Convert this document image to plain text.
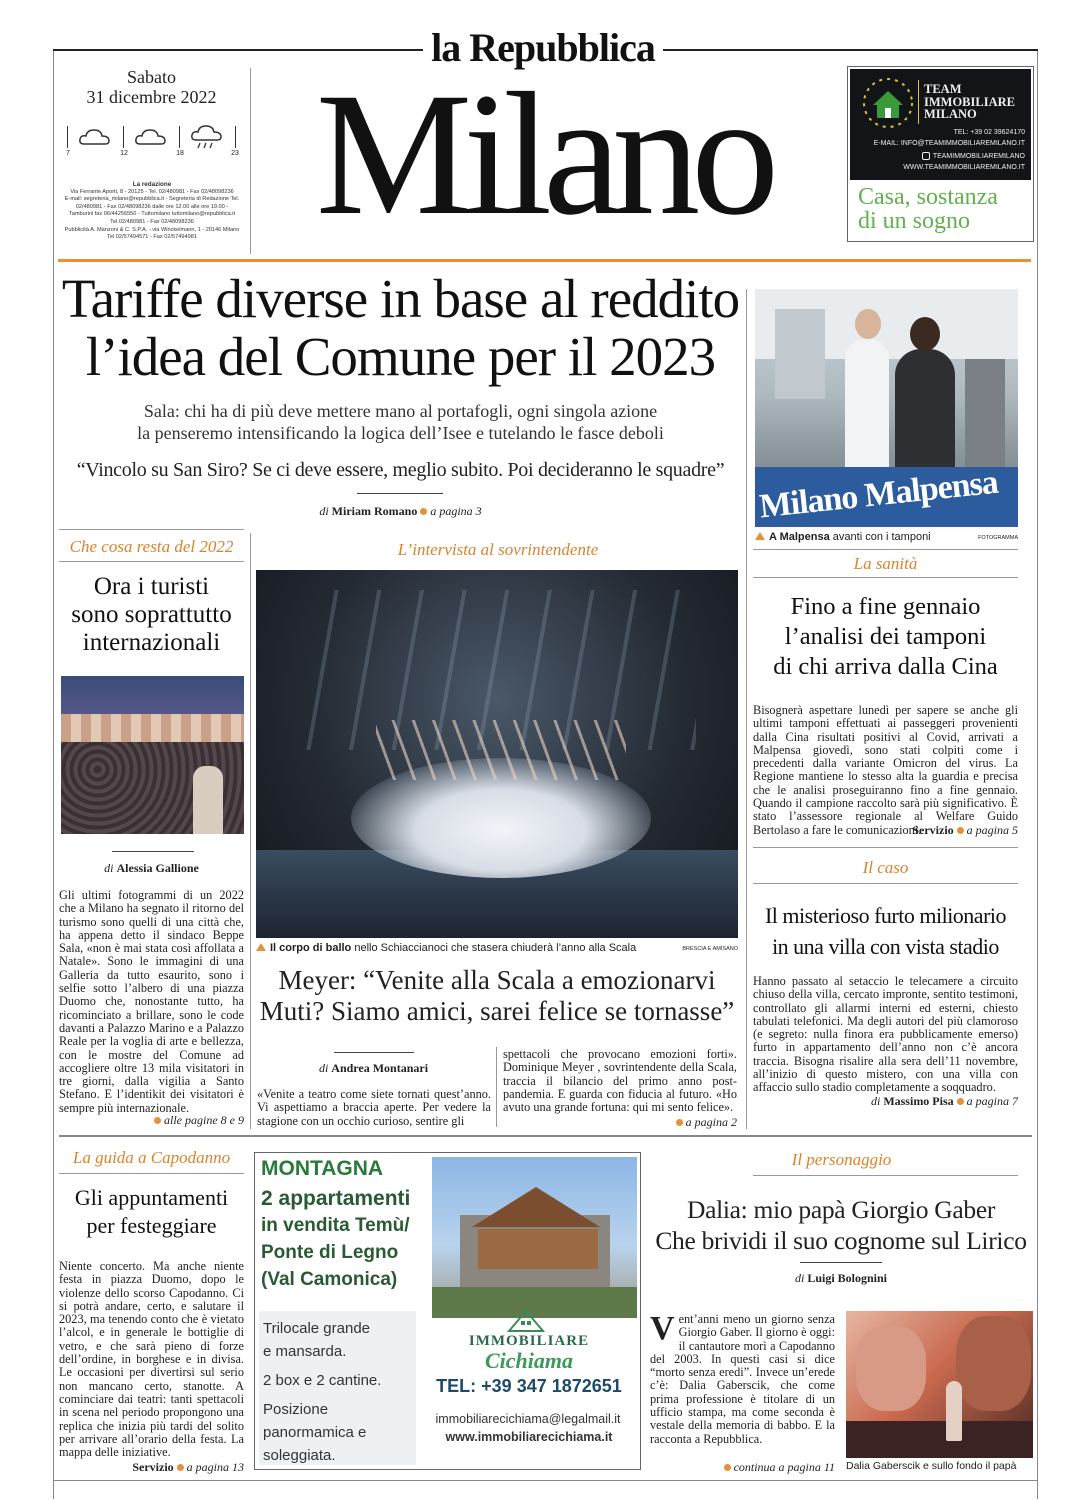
la Repubblica
Sabato
31 dicembre 2022
7	12	18	23
La redazione
Via Ferrante Aporti, 8 - 20125 - Tel. 02/480981 - Fax 02/48098236
E-mail: segreteria_milano@repubblica.it - Segreteria di Redazione Tel.
02/480981 - Fax 02/48098236 dalle ore 12.00 alle ore 19.00 -
Tamburini fax 06/44256550 - Tuttomilano tuttomilano@repubblica.it
Tel.02/480981 - Fax 02/48098236
Pubblicità A. Manzoni & C. S.P.A. - via Winckelmann, 1 - 20146 Milano
Tel 02/57494571 - Fax 02/57494981 Milano	TEAM
IMMOBILIARE
MILANO
TEL: +39 02 39624170
E-MAIL: INFO@TEAMIMMOBILIAREMILANO.IT
TEAMIMMOBILIAREMILANO
WWW.TEAMIMMOBILIAREMILANO.IT
Casa, sostanza
di un sogno
Tariffe diverse in base al reddito
l’idea del Comune per il 2023
Sala: chi ha di più deve mettere mano al portafogli, ogni singola azione
la penseremo intensificando la logica dell’Isee e tutelando le fasce deboli
“Vincolo su San Siro? Se ci deve essere, meglio subito. Poi decideranno le squadre”
di Miriam Romano a pagina 3	Milano Malpensa
A Malpensa avanti con i tamponi	FOTOGRAMMA
Che cosa resta del 2022
Ora i turisti
sono soprattutto
internazionali
di Alessia Gallione
Gli ultimi fotogrammi di un 2022 che a Milano ha segnato il ritorno del turismo sono quelli di una città che, ha appena detto il sindaco Beppe Sala, «non è mai stata così affollata a Natale». Sono le immagini di una Galleria da tutto esaurito, sono i selfie sotto l’albero di una piazza Duomo che, nonostante tutto, ha ricominciato a brillare, sono le code davanti a Palazzo Marino e a Palazzo Reale per la voglia di arte e bellezza, con le mostre del Comune ad accogliere oltre 13 mila visitatori in tre giorni, dalla vigilia a Santo Stefano. E l’identikit dei visitatori è sempre più internazionale.
alle pagine 8 e 9
L’intervista al sovrintendente
Il corpo di ballo nello Schiaccianoci che stasera chiuderà l’anno alla Scala	BRESCIA E AMISANO
Meyer: “Venite alla Scala a emozionarvi
Muti? Siamo amici, sarei felice se tornasse”
di Andrea Montanari
«Venite a teatro come siete tornati quest’anno. Vi aspettiamo a braccia aperte. Per vedere la stagione con un occhio curioso, sentire gli
spettacoli che provocano emozioni forti». Dominique Meyer , sovrintendente della Scala, traccia il bilancio del primo anno post-pandemia. E guarda con fiducia al futuro. «Ho avuto una grande fortuna: qui mi sento felice».
a pagina 2
La sanità
Fino a fine gennaio
l’analisi dei tamponi
di chi arriva dalla Cina
Bisognerà aspettare lunedì per sapere se anche gli ultimi tamponi effettuati ai passeggeri provenienti dalla Cina risultati positivi al Covid, arrivati a Malpensa giovedì, sono stati colpiti come i precedenti dalla variante Omicron del virus. La Regione mantiene lo stesso alta la guardia e precisa che le analisi proseguiranno fino a fine gennaio. Quando il campione raccolto sarà più significativo. È stato l’assessore regionale al Welfare Guido Bertolaso a fare le comunicazioni.
Servizio a pagina 5
Il caso
Il misterioso furto milionario
in una villa con vista stadio
Hanno passato al setaccio le telecamere a circuito chiuso della villa, cercato impronte, sentito testimoni, controllato gli allarmi interni ed esterni, chiesto tabulati telefonici. Ma degli autori del più clamoroso (e segreto: nulla finora era pubblicamente emerso) furto in appartamento dell’anno non c’è ancora traccia. Bisogna risalire alla sera dell’11 novembre, all’inizio di questo mistero, con una villa con affaccio sullo stadio completamente a soqquadro.
di Massimo Pisa a pagina 7
La guida a Capodanno
Gli appuntamenti
per festeggiare
Niente concerto. Ma anche niente festa in piazza Duomo, dopo le violenze dello scorso Capodanno. Ci si potrà andare, certo, e salutare il 2023, ma tenendo conto che è vietato l’alcol, e in generale le bottiglie di vetro, e che sarà pieno di forze dell’ordine, in borghese e in divisa. Le occasioni per divertirsi sul serio non mancano certo, stanotte. A cominciare dai teatri: tanti spettacoli in scena nel periodo propongono una replica che inizia più tardi del solito per arrivare all’orario della festa. La mappa delle iniziative.
Servizio a pagina 13
MONTAGNA
2 appartamenti
in vendita Temù/
Ponte di Legno
(Val Camonica)
Trilocale grande
e mansarda.
2 box e 2 cantine.
Posizione
panormamica e
soleggiata.
IMMOBILIARE
Cichiama
TEL: +39 347 1872651
immobiliarecichiama@legalmail.it
www.immobiliarecichiama.it
Il personaggio
Dalia: mio papà Giorgio Gaber
Che brividi il suo cognome sul Lirico
di Luigi Bolognini
Vent’anni meno un giorno senza Giorgio Gaber. Il giorno è oggi: il cantautore morì a Capodanno del 2003. In questi casi si dice “morto senza eredi”. Invece un’erede c’è: Dalia Gaberscik, che come prima professione è titolare di un ufficio stampa, ma come seconda è vestale della memoria di babbo. E la racconta a Repubblica.
continua a pagina 11 Dalia Gaberscik e sullo fondo il papà
